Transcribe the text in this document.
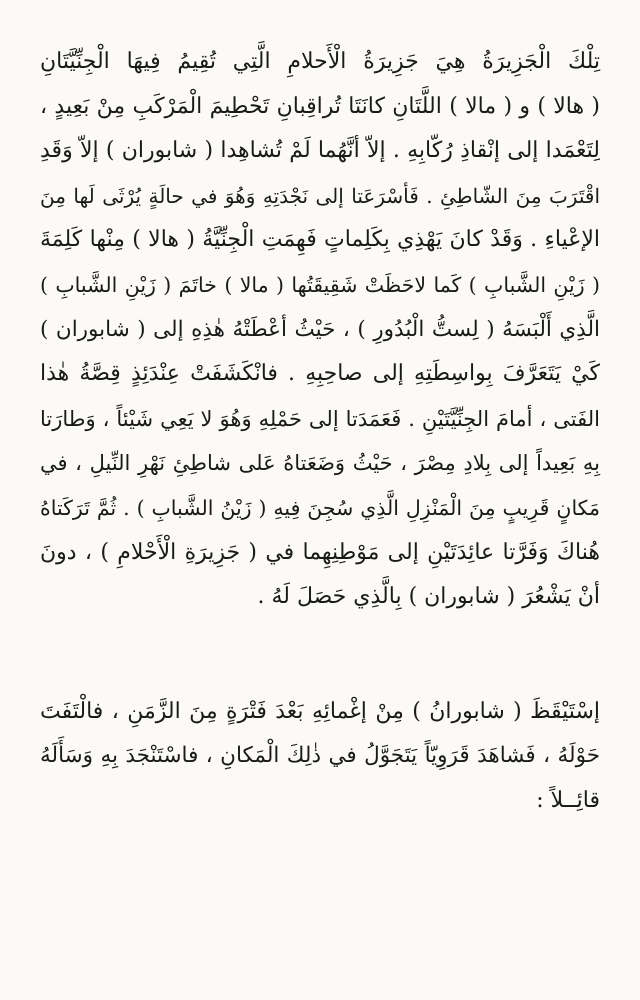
تِلْكَ الْجَزِيرَةُ هِيَ جَزِيرَةُ الْأَحلامِ الَّتِي تُقِيمُ فِيهَا الْجِنِّيَّتَانِ
( هالا ) و ( مالا ) اللَّتَانِ كانَتَا تُراقِبانِ تَحْطِيمَ الْمَرْكَبِ مِنْ بَعِيدٍ ،
لِتَعْمَدا إلى إنْقاذِ رُكّابِهِ . إلاّ أنَّهُما لَمْ تُشاهِدا ( شابوران ) إلاّ وَقَدِ
اقْتَرَبَ مِنَ الشّاطِئِ . فَأسْرَعَتا إلى نَجْدَتِهِ وَهُوَ في حالَةٍ يُرْثَى لَها مِنَ
الإعْياءِ . وَقَدْ كانَ يَهْذِي بِكَلِماتٍ فَهِمَتِ الْجِنِّيَّةُ ( هالا ) مِنْها كَلِمَةَ
( زَيْنِ الشَّبابِ ) كَما لاحَظَتْ شَقِيقَتُها ( مالا ) خاتَمَ ( زَيْنِ الشَّبابِ )
الَّذِي أَلْبَسَهُ ( لِستُّ الْبُدُورِ ) ، حَيْثُ أعْطَتْهُ هٰذِهِ إلى ( شابوران )
كَيْ يَتَعَرَّفَ بِواسِطَتِهِ إلى صاحِبِهِ . فانْكَشَفَتْ عِنْدَئِذٍ قِصَّةُ هٰذا
الفَتى ، أمامَ الجِنِّيَّتَيْنِ . فَعَمَدَتا إلى حَمْلِهِ وَهُوَ لا يَعِي شَيْئاً ، وَطارَتا
بِهِ بَعِيداً إلى بِلادِ مِصْرَ ، حَيْثُ وَضَعَتاهُ عَلى شاطِئِ نَهْرِ النِّيلِ ، في
مَكانٍ قَرِيبٍ مِنَ الْمَنْزِلِ الَّذِي سُجِنَ فِيهِ ( زَيْنُ الشَّبابِ ) . ثُمَّ تَرَكَتاهُ
هُناكَ وَفَرَّتا عائِدَتَيْنِ إلى مَوْطِنِهِما في ( جَزِيرَةِ الْأَحْلامِ ) ، دونَ
أنْ يَشْعُرَ ( شابوران ) بِالَّذِي حَصَلَ لَهُ .
إسْتَيْقَظَ ( شابورانُ ) مِنْ إغْمائِهِ بَعْدَ فَتْرَةٍ مِنَ الزَّمَنِ ، فالْتَفَتَ
حَوْلَهُ ، فَشاهَدَ قَرَوِيّاً يَتَجَوَّلُ في ذٰلِكَ الْمَكانِ ، فاسْتَنْجَدَ بِهِ وَسَأَلَهُ
قائِــلاً :
